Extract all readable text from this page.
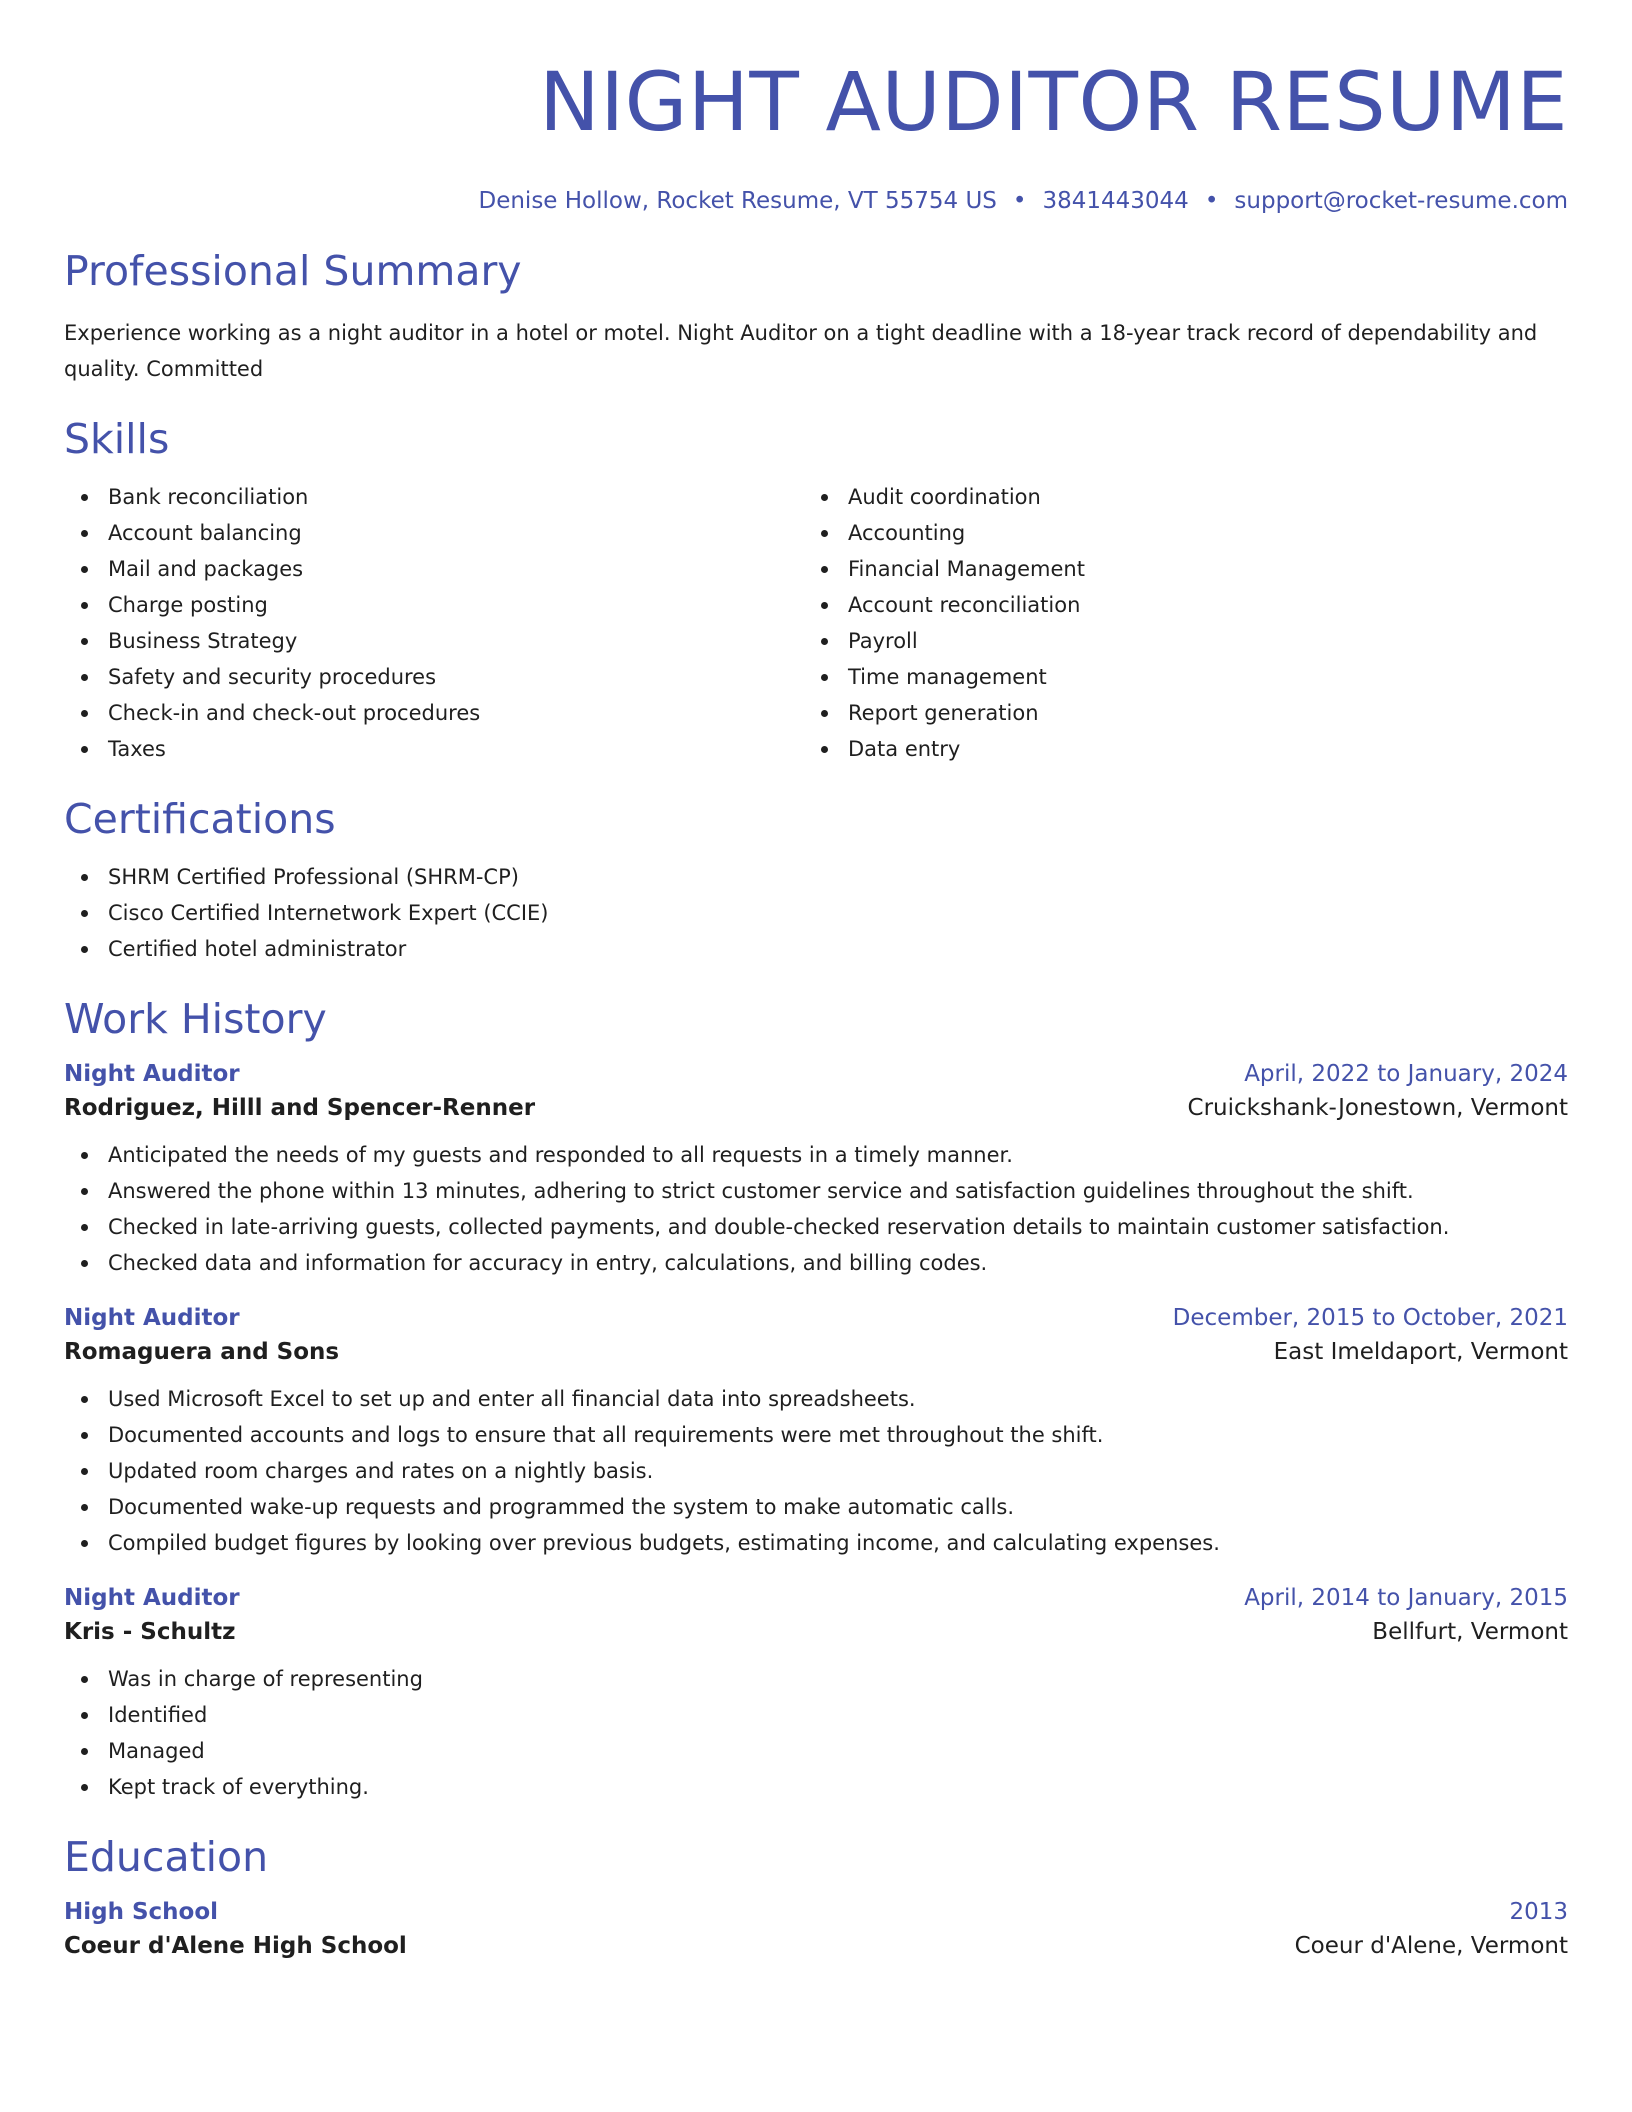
NIGHT AUDITOR RESUME
Denise Hollow, Rocket Resume, VT 55754 US • 3841443044 • support@rocket-resume.com
Professional Summary

Experience working as a night auditor in a hotel or motel. Night Auditor on a tight deadline with a 18-year track record of dependability and quality. Committed

Skills
Bank reconciliation
Account balancing
Mail and packages
Charge posting
Business Strategy
Safety and security procedures
Check-in and check-out procedures
Taxes
Audit coordination
Accounting
Financial Management
Account reconciliation
Payroll
Time management
Report generation
Data entry
Certifications
SHRM Certified Professional (SHRM-CP)
Cisco Certified Internetwork Expert (CCIE)
Certified hotel administrator
Work History
Night Auditor	April, 2022 to January, 2024
Rodriguez, Hilll and Spencer-Renner	Cruickshank-Jonestown, Vermont
Anticipated the needs of my guests and responded to all requests in a timely manner.
Answered the phone within 13 minutes, adhering to strict customer service and satisfaction guidelines throughout the shift.
Checked in late-arriving guests, collected payments, and double-checked reservation details to maintain customer satisfaction.
Checked data and information for accuracy in entry, calculations, and billing codes.
Night Auditor	December, 2015 to October, 2021
Romaguera and Sons	East Imeldaport, Vermont
Used Microsoft Excel to set up and enter all financial data into spreadsheets.
Documented accounts and logs to ensure that all requirements were met throughout the shift.
Updated room charges and rates on a nightly basis.
Documented wake-up requests and programmed the system to make automatic calls.
Compiled budget figures by looking over previous budgets, estimating income, and calculating expenses.
Night Auditor	April, 2014 to January, 2015
Kris - Schultz	Bellfurt, Vermont
Was in charge of representing
Identified
Managed
Kept track of everything.
Education
High School	2013
Coeur d'Alene High School	Coeur d'Alene, Vermont
